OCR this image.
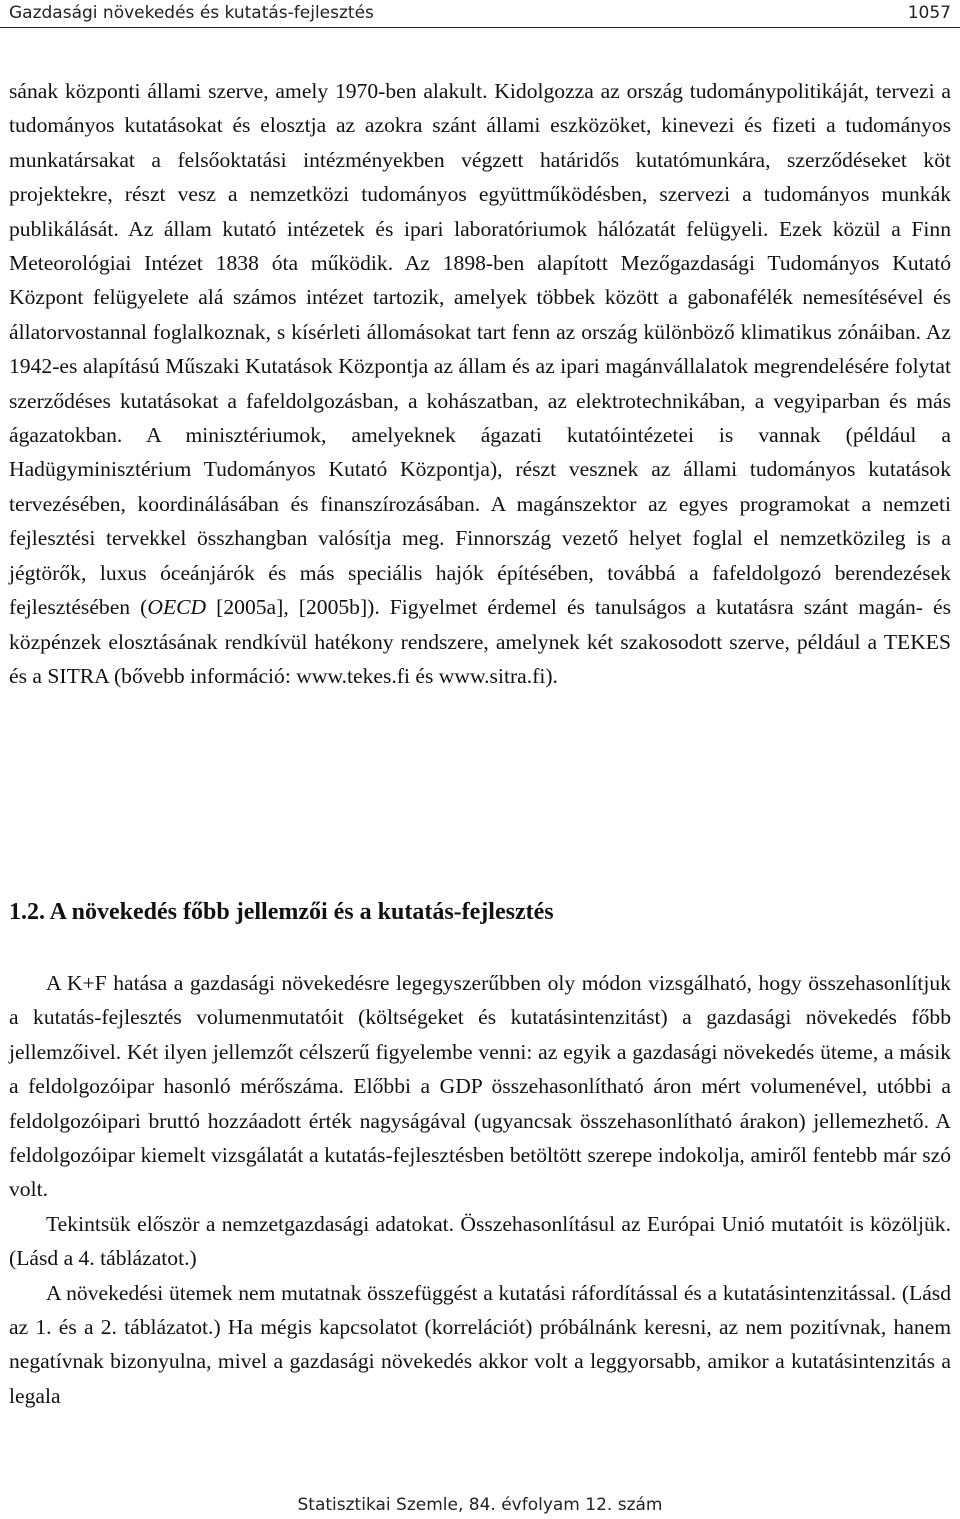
Gazdasági növekedés és kutatás-fejlesztés	1057

sának központi állami szerve, amely 1970-ben alakult. Kidolgozza az ország tudománypolitikáját, tervezi a tudományos kutatásokat és elosztja az azokra szánt állami eszközöket, kinevezi és fizeti a tudományos munkatársakat a felsőoktatási intézményekben végzett határidős kutatómunkára, szerződéseket köt projektekre, részt vesz a nemzetközi tudományos együttműködésben, szervezi a tudományos munkák publikálását. Az állam kutató intézetek és ipari laboratóriumok hálózatát felügyeli. Ezek közül a Finn Meteorológiai Intézet 1838 óta működik. Az 1898-ben alapított Mezőgazdasági Tudományos Kutató Központ felügyelete alá számos intézet tartozik, amelyek többek között a gabonafélék nemesítésével és állatorvostannal foglalkoznak, s kísérleti állomásokat tart fenn az ország különböző klimatikus zónáiban. Az 1942-es alapítású Műszaki Kutatások Központja az állam és az ipari magánvállalatok megrendelésére folytat szerződéses kutatásokat a fafeldolgozásban, a kohászatban, az elektrotechnikában, a vegyiparban és más ágazatokban. A minisztériumok, amelyeknek ágazati kutatóintézetei is vannak (például a Hadügyminisztérium Tudományos Kutató Központja), részt vesznek az állami tudományos kutatások tervezésében, koordinálásában és finanszírozásában. A magánszektor az egyes programokat a nemzeti fejlesztési tervekkel összhangban valósítja meg. Finnország vezető helyet foglal el nemzetközileg is a jégtörők, luxus óceánjárók és más speciális hajók építésében, továbbá a fafeldolgozó berendezések fejlesztésében (OECD [2005a], [2005b]). Figyelmet érdemel és tanulságos a kutatásra szánt magán- és közpénzek elosztásának rendkívül hatékony rendszere, amelynek két szakosodott szerve, például a TEKES és a SITRA (bővebb információ: www.tekes.fi és www.sitra.fi).

1.2. A növekedés főbb jellemzői és a kutatás-fejlesztés

A K+F hatása a gazdasági növekedésre legegyszerűbben oly módon vizsgálható, hogy összehasonlítjuk a kutatás-fejlesztés volumenmutatóit (költségeket és kutatásintenzitást) a gazdasági növekedés főbb jellemzőivel. Két ilyen jellemzőt célszerű figyelembe venni: az egyik a gazdasági növekedés üteme, a másik a feldolgozóipar hasonló mérőszáma. Előbbi a GDP összehasonlítható áron mért volumenével, utóbbi a feldolgozóipari bruttó hozzáadott érték nagyságával (ugyancsak összehasonlítható árakon) jellemezhető. A feldolgozóipar kiemelt vizsgálatát a kutatás-fejlesztésben betöltött szerepe indokolja, amiről fentebb már szó volt.

Tekintsük először a nemzetgazdasági adatokat. Összehasonlításul az Európai Unió mutatóit is közöljük. (Lásd a 4. táblázatot.)

A növekedési ütemek nem mutatnak összefüggést a kutatási ráfordítással és a kutatásintenzitással. (Lásd az 1. és a 2. táblázatot.) Ha mégis kapcsolatot (korrelációt) próbálnánk keresni, az nem pozitívnak, hanem negatívnak bizonyulna, mivel a gazdasági növekedés akkor volt a leggyorsabb, amikor a kutatásintenzitás a legala

Statisztikai Szemle, 84. évfolyam 12. szám
